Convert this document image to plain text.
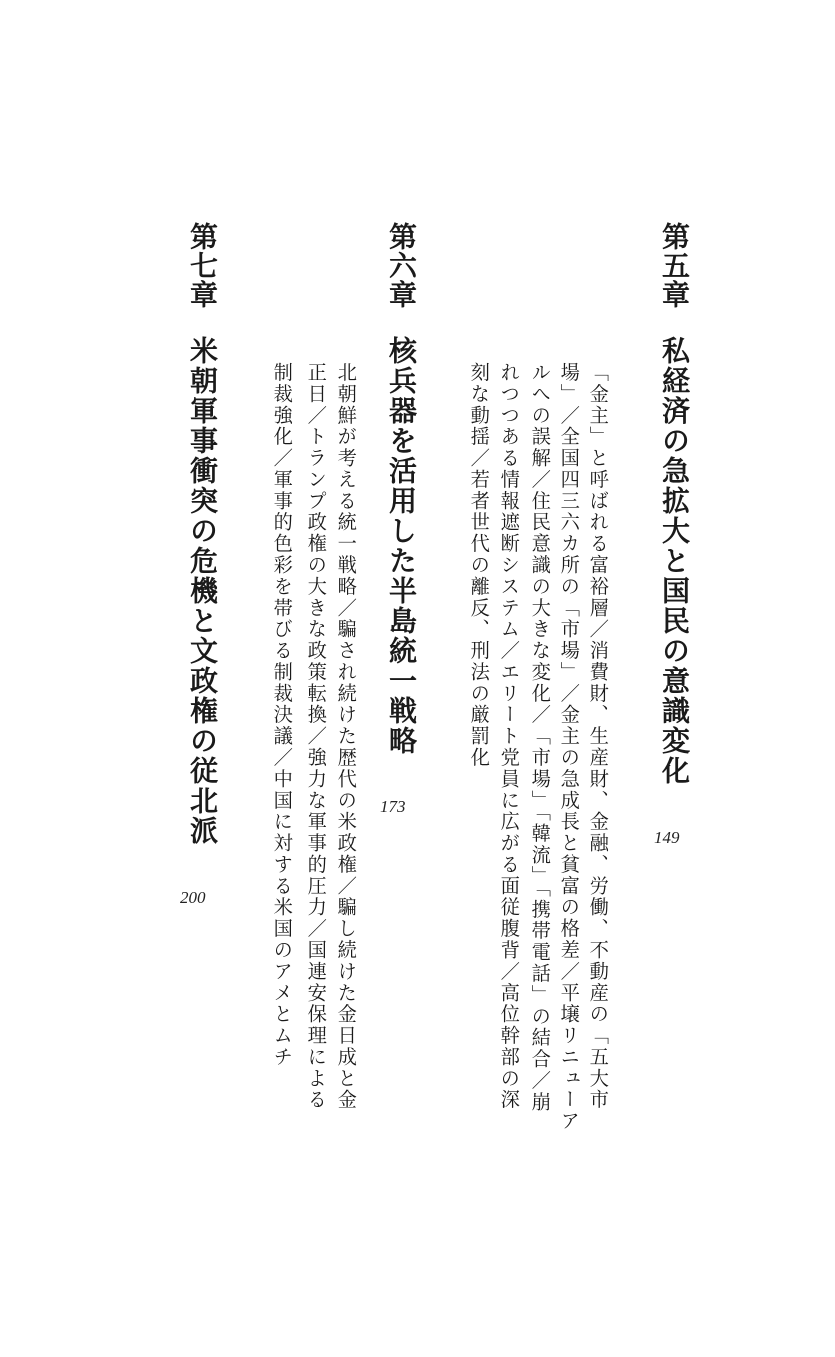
第五章
私経済の急拡大と国民の意識変化
149
「金主」と呼ばれる富裕層／消費財、生産財、金融、労働、不動産の「五大市
場」／全国四三六カ所の「市場」／金主の急成長と貧富の格差／平壌リニューア
ルへの誤解／住民意識の大きな変化／「市場」「韓流」「携帯電話」の結合／崩
れつつある情報遮断システム／エリート党員に広がる面従腹背／高位幹部の深
刻な動揺／若者世代の離反、刑法の厳罰化
第六章
核兵器を活用した半島統一戦略
173
北朝鮮が考える統一戦略／騙され続けた歴代の米政権／騙し続けた金日成と金
正日／トランプ政権の大きな政策転換／強力な軍事的圧力／国連安保理による
制裁強化／軍事的色彩を帯びる制裁決議／中国に対する米国のアメとムチ
第七章
米朝軍事衝突の危機と文政権の従北派
200
